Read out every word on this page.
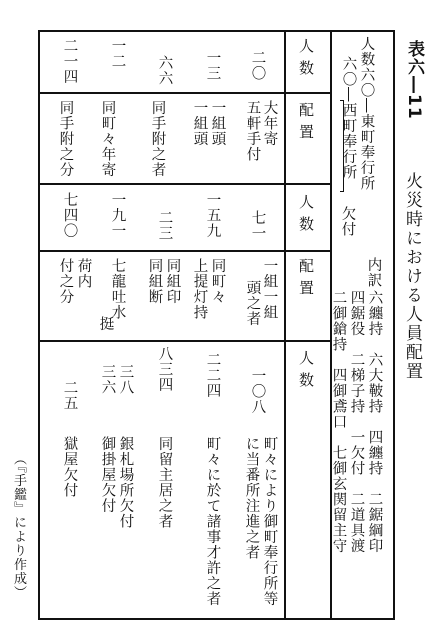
表六―11
火災時における人員配置
人数六〇―東町奉行所
六〇―西町奉行所
欠付
内訳
六纏持　六大鞁持　四纏持　二鋸綱印
四鋸役　二梯子持　一欠付　二道具渡
二御鎗持　四御鳶口　七御玄関留主守
人数
配置
人数
配置
人数
二〇
一三
六六
一二
二一四
大年寄
五軒手付
一組頭
一組頭
同手附之者
同町々年寄
同手附之分
七一
一五九
二三
一九一
七四〇
一組一組
頭之者
同町々
上提灯持
同組印
同組断
七龍吐水
挺
荷内
付之分
一〇八
二二四
八三四
三八
三六
二五
町々により御町奉行所等
に当番所注進之者
町々に於て諸事才許之者
同留主居之者
銀札場所欠付
御掛屋欠付
獄屋欠付
（『手鑑』により作成）
